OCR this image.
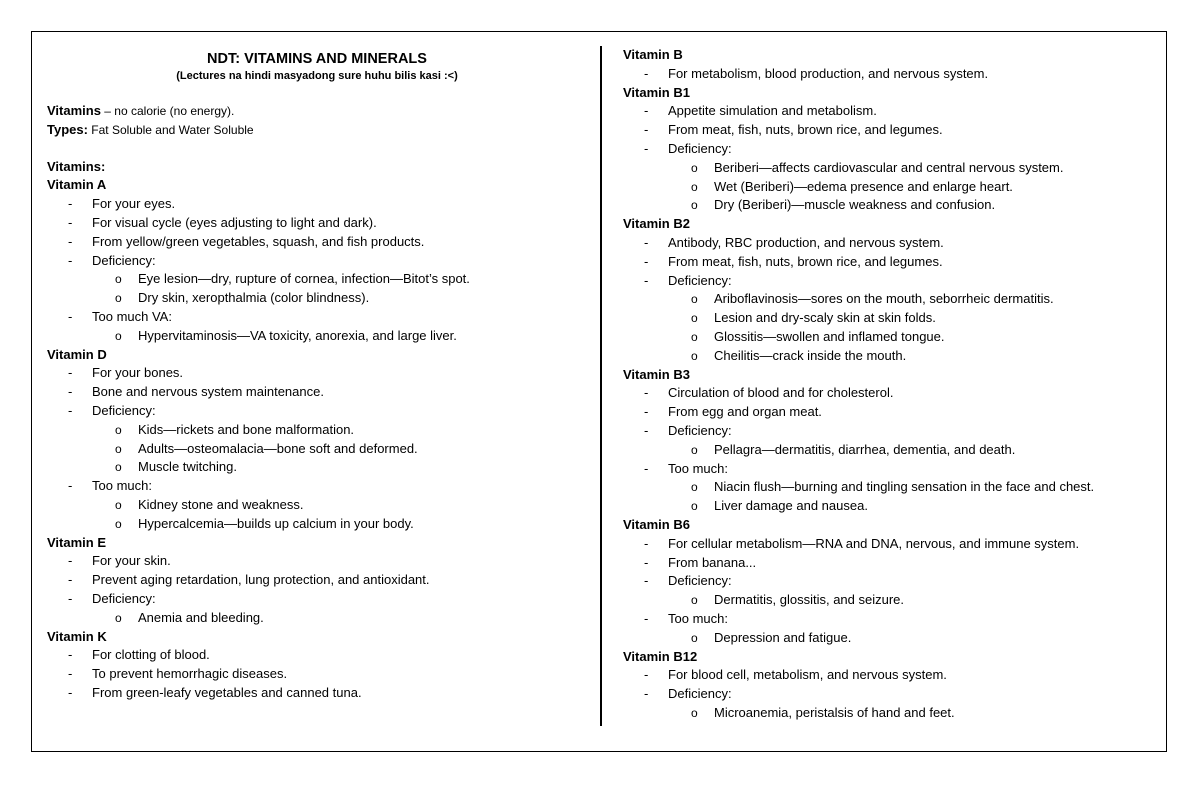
NDT: VITAMINS AND MINERALS
(Lectures na hindi masyadong sure huhu bilis kasi :<)
Vitamins – no calorie (no energy).
Types: Fat Soluble and Water Soluble
Vitamins:
Vitamin A
-	For your eyes.
-	For visual cycle (eyes adjusting to light and dark).
-	From yellow/green vegetables, squash, and fish products.
-	Deficiency:
o	Eye lesion—dry, rupture of cornea, infection—Bitot’s spot.
o	Dry skin, xeropthalmia (color blindness).
-	Too much VA:
o	Hypervitaminosis—VA toxicity, anorexia, and large liver.
Vitamin D
-	For your bones.
-	Bone and nervous system maintenance.
-	Deficiency:
o	Kids—rickets and bone malformation.
o	Adults—osteomalacia—bone soft and deformed.
o	Muscle twitching.
-	Too much:
o	Kidney stone and weakness.
o	Hypercalcemia—builds up calcium in your body.
Vitamin E
-	For your skin.
-	Prevent aging retardation, lung protection, and antioxidant.
-	Deficiency:
o	Anemia and bleeding.
Vitamin K
-	For clotting of blood.
-	To prevent hemorrhagic diseases.
-	From green-leafy vegetables and canned tuna.
Vitamin B
-	For metabolism, blood production, and nervous system.
Vitamin B1
-	Appetite simulation and metabolism.
-	From meat, fish, nuts, brown rice, and legumes.
-	Deficiency:
o	Beriberi—affects cardiovascular and central nervous system.
o	Wet (Beriberi)—edema presence and enlarge heart.
o	Dry (Beriberi)—muscle weakness and confusion.
Vitamin B2
-	Antibody, RBC production, and nervous system.
-	From meat, fish, nuts, brown rice, and legumes.
-	Deficiency:
o	Ariboflavinosis—sores on the mouth, seborrheic dermatitis.
o	Lesion and dry-scaly skin at skin folds.
o	Glossitis—swollen and inflamed tongue.
o	Cheilitis—crack inside the mouth.
Vitamin B3
-	Circulation of blood and for cholesterol.
-	From egg and organ meat.
-	Deficiency:
o	Pellagra—dermatitis, diarrhea, dementia, and death.
-	Too much:
o	Niacin flush—burning and tingling sensation in the face and chest.
o	Liver damage and nausea.
Vitamin B6
-	For cellular metabolism—RNA and DNA, nervous, and immune system.
-	From banana...
-	Deficiency:
o	Dermatitis, glossitis, and seizure.
-	Too much:
o	Depression and fatigue.
Vitamin B12
-	For blood cell, metabolism, and nervous system.
-	Deficiency:
o	Microanemia, peristalsis of hand and feet.
